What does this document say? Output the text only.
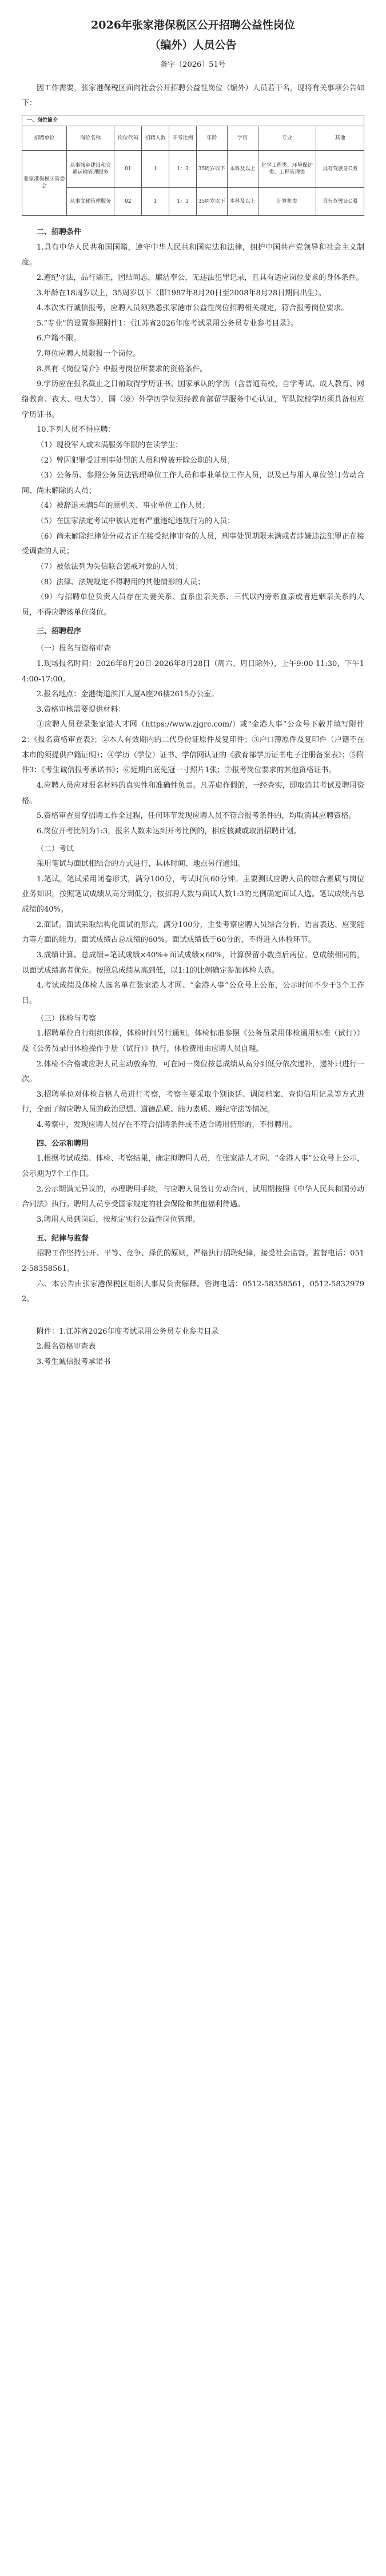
2026年张家港保税区公开招聘公益性岗位
（编外）人员公告
备字〔2026〕51号

因工作需要，张家港保税区面向社会公开招聘公益性岗位（编外）人员若干名，现将有关事项公告如下：

一、岗位简介								
招聘单位	岗位名称	岗位代码	招聘人数	开考比例	年龄	学历	专业	其他
张家港保税区管委会	从事城乡建设和交通运输管理服务	01	1	1：3	35周岁以下	本科及以上	化学工程类、环境保护类、工程管理类	具有驾驶证C照
	从事文秘管理服务	02	1	1：3	35周岁以下	本科及以上	计算机类	具有驾驶证C照

二、招聘条件

1.具有中华人民共和国国籍，遵守中华人民共和国宪法和法律，拥护中国共产党领导和社会主义制度。

2.遵纪守法，品行端正，团结同志，廉洁奉公，无违法犯罪记录，且具有适应岗位要求的身体条件。

3.年龄在18周岁以上，35周岁以下（即1987年8月20日至2008年8月28日期间出生）。

4.本次实行诚信报考，应聘人员须熟悉张家港市公益性岗位招聘相关规定，符合报考岗位要求。

5.“专业”的设置参照附件1：《江苏省2026年度考试录用公务员专业参考目录》。

6.户籍不限。

7.每位应聘人员限报一个岗位。

8.具有《岗位简介》中报考岗位所要求的资格条件。

9.学历应在报名截止之日前取得学历证书。国家承认的学历（含普通高校、自学考试、成人教育、网络教育、夜大、电大等），国（境）外学历学位须经教育部留学服务中心认证，军队院校学历须具备相应学历证书。

10.下列人员不得应聘：

（1）现役军人或未满服务年限的在读学生；

（2）曾因犯罪受过刑事处罚的人员和曾被开除公职的人员；

（3）公务员、参照公务员法管理单位工作人员和事业单位工作人员，以及已与用人单位签订劳动合同、尚未解除的人员；

（4）被辞退未满5年的原机关、事业单位工作人员；

（5）在国家法定考试中被认定有严重违纪违规行为的人员；

（6）尚未解除纪律处分或者正在接受纪律审查的人员，刑事处罚期限未满或者涉嫌违法犯罪正在接受调查的人员；

（7）被依法列为失信联合惩戒对象的人员；

（8）法律、法规规定不得聘用的其他情形的人员；

（9）与招聘单位负责人员存在夫妻关系、直系血亲关系、三代以内旁系血亲或者近姻亲关系的人员，不得应聘该单位岗位。

三、招聘程序

（一）报名与资格审查

1.现场报名时间：2026年8月20日-2026年8月28日（周六、周日除外），上午9:00-11:30，下午14:00-17:00。

2.报名地点：金港街道滨江大厦A座26楼2615办公室。

3.资格审核需要提供材料：

①应聘人员登录张家港人才网（https://www.zjgrc.com/）或“金港人事”公众号下载并填写附件2：《报名资格审查表》；②本人有效期内的二代身份证原件及复印件；③户口簿原件及复印件（户籍不在本市的须提供户籍证明）；④学历（学位）证书、学信网认证的《教育部学历证书电子注册备案表》；⑤附件3：《考生诚信报考承诺书》；⑥近期白底免冠一寸照片1张；⑦报考岗位要求的其他资格证书。

4.应聘人员应对报名材料的真实性和准确性负责。凡弄虚作假的，一经查实，即取消其考试及聘用资格。

5.资格审查贯穿招聘工作全过程，任何环节发现应聘人员不符合报考条件的，均取消其应聘资格。

6.岗位开考比例为1:3，报名人数未达到开考比例的，相应核减或取消招聘计划。

（二）考试

采用笔试与面试相结合的方式进行，具体时间、地点另行通知。

1.笔试。笔试采用闭卷形式，满分100分，考试时间60分钟。主要测试应聘人员的综合素质与岗位业务知识，按照笔试成绩从高分到低分，按招聘人数与面试人数1:3的比例确定面试人选。笔试成绩占总成绩的40%。

2.面试。面试采取结构化面试的形式，满分100分，主要考察应聘人员综合分析、语言表达、应变能力等方面的能力。面试成绩占总成绩的60%。面试成绩低于60分的，不得进入体检环节。

3.成绩计算。总成绩=笔试成绩×40%+面试成绩×60%，计算保留小数点后两位。总成绩相同的，以面试成绩高者优先。按照总成绩从高到低，以1:1的比例确定参加体检人选。

4.考试成绩及体检人选名单在张家港人才网、“金港人事”公众号上公布，公示时间不少于3个工作日。

（三）体检与考察

1.招聘单位自行组织体检，体检时间另行通知。体检标准参照《公务员录用体检通用标准（试行）》及《公务员录用体检操作手册（试行）》执行，体检费用由应聘人员自理。

2.体检不合格或应聘人员主动放弃的，可在同一岗位按总成绩从高分到低分依次递补，递补只进行一次。

3.招聘单位对体检合格人员进行考察，考察主要采取个别谈话、调阅档案、查询信用记录等方式进行，全面了解应聘人员的政治思想、道德品质、能力素质、遵纪守法等情况。

4.考察中，发现应聘人员存在不符合招聘条件或不适合聘用情形的，不得聘用。

四、公示和聘用

1.根据考试成绩、体检、考察结果，确定拟聘用人员，在张家港人才网、“金港人事”公众号上公示，公示期为7个工作日。

2.公示期满无异议的，办理聘用手续，与应聘人员签订劳动合同，试用期按照《中华人民共和国劳动合同法》执行。聘用人员享受国家规定的社会保险和其他福利待遇。

3.聘用人员到岗后，按规定实行公益性岗位管理。

五、纪律与监督

招聘工作坚持公开、平等、竞争、择优的原则，严格执行招聘纪律，接受社会监督。监督电话：0512-58358561。

六、本公告由张家港保税区组织人事局负责解释。咨询电话：0512-58358561，0512-58329792。

附件：1.江苏省2026年度考试录用公务员专业参考目录

2.报名资格审查表

3.考生诚信报考承诺书
